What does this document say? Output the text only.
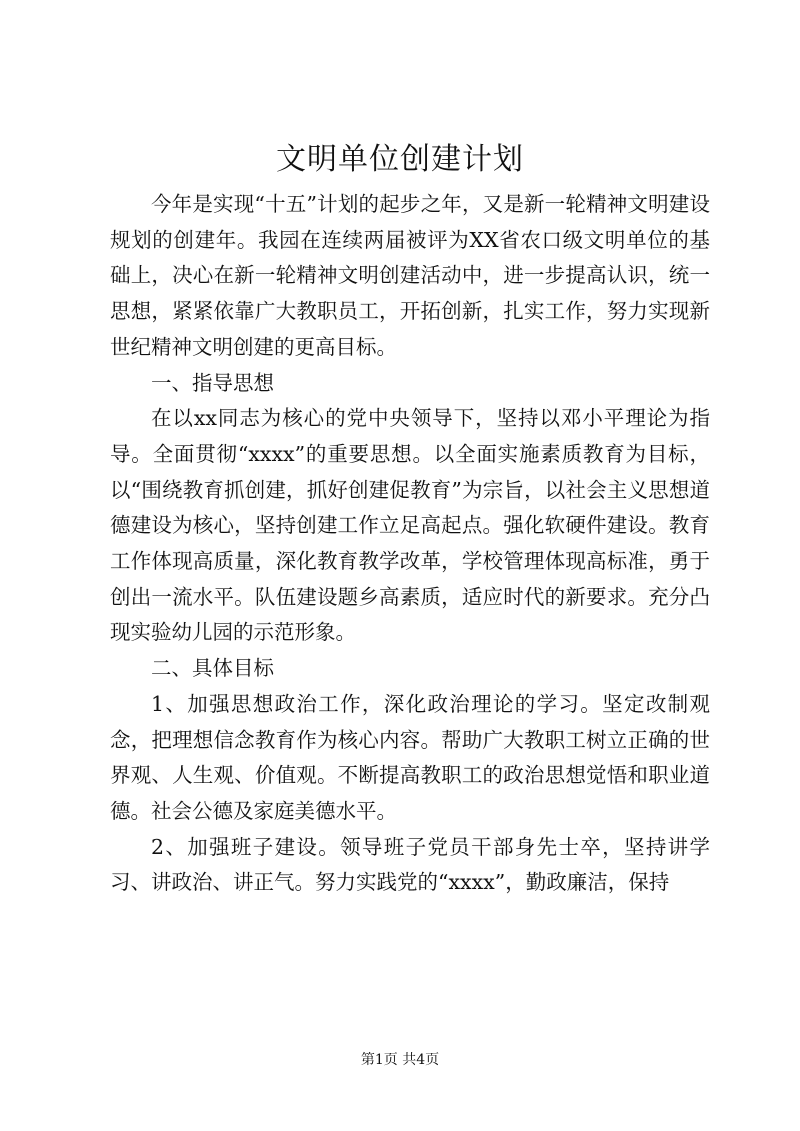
文明单位创建计划

今年是实现“十五”计划的起步之年，又是新一轮精神文明建设规划的创建年。我园在连续两届被评为XX省农口级文明单位的基础上，决心在新一轮精神文明创建活动中，进一步提高认识，统一思想，紧紧依靠广大教职员工，开拓创新，扎实工作，努力实现新世纪精神文明创建的更高目标。

一、指导思想

在以xx同志为核心的党中央领导下，坚持以邓小平理论为指导。全面贯彻“xxxx”的重要思想。以全面实施素质教育为目标，以“围绕教育抓创建，抓好创建促教育”为宗旨，以社会主义思想道德建设为核心，坚持创建工作立足高起点。强化软硬件建设。教育工作体现高质量，深化教育教学改革，学校管理体现高标准，勇于创出一流水平。队伍建设题乡高素质，适应时代的新要求。充分凸现实验幼儿园的示范形象。

二、具体目标

1、加强思想政治工作，深化政治理论的学习。坚定改制观念，把理想信念教育作为核心内容。帮助广大教职工树立正确的世界观、人生观、价值观。不断提高教职工的政治思想觉悟和职业道德。社会公德及家庭美德水平。

2、加强班子建设。领导班子党员干部身先士卒，坚持讲学习、讲政治、讲正气。努力实践党的“xxxx”，勤政廉洁，保持

第1页 共4页
